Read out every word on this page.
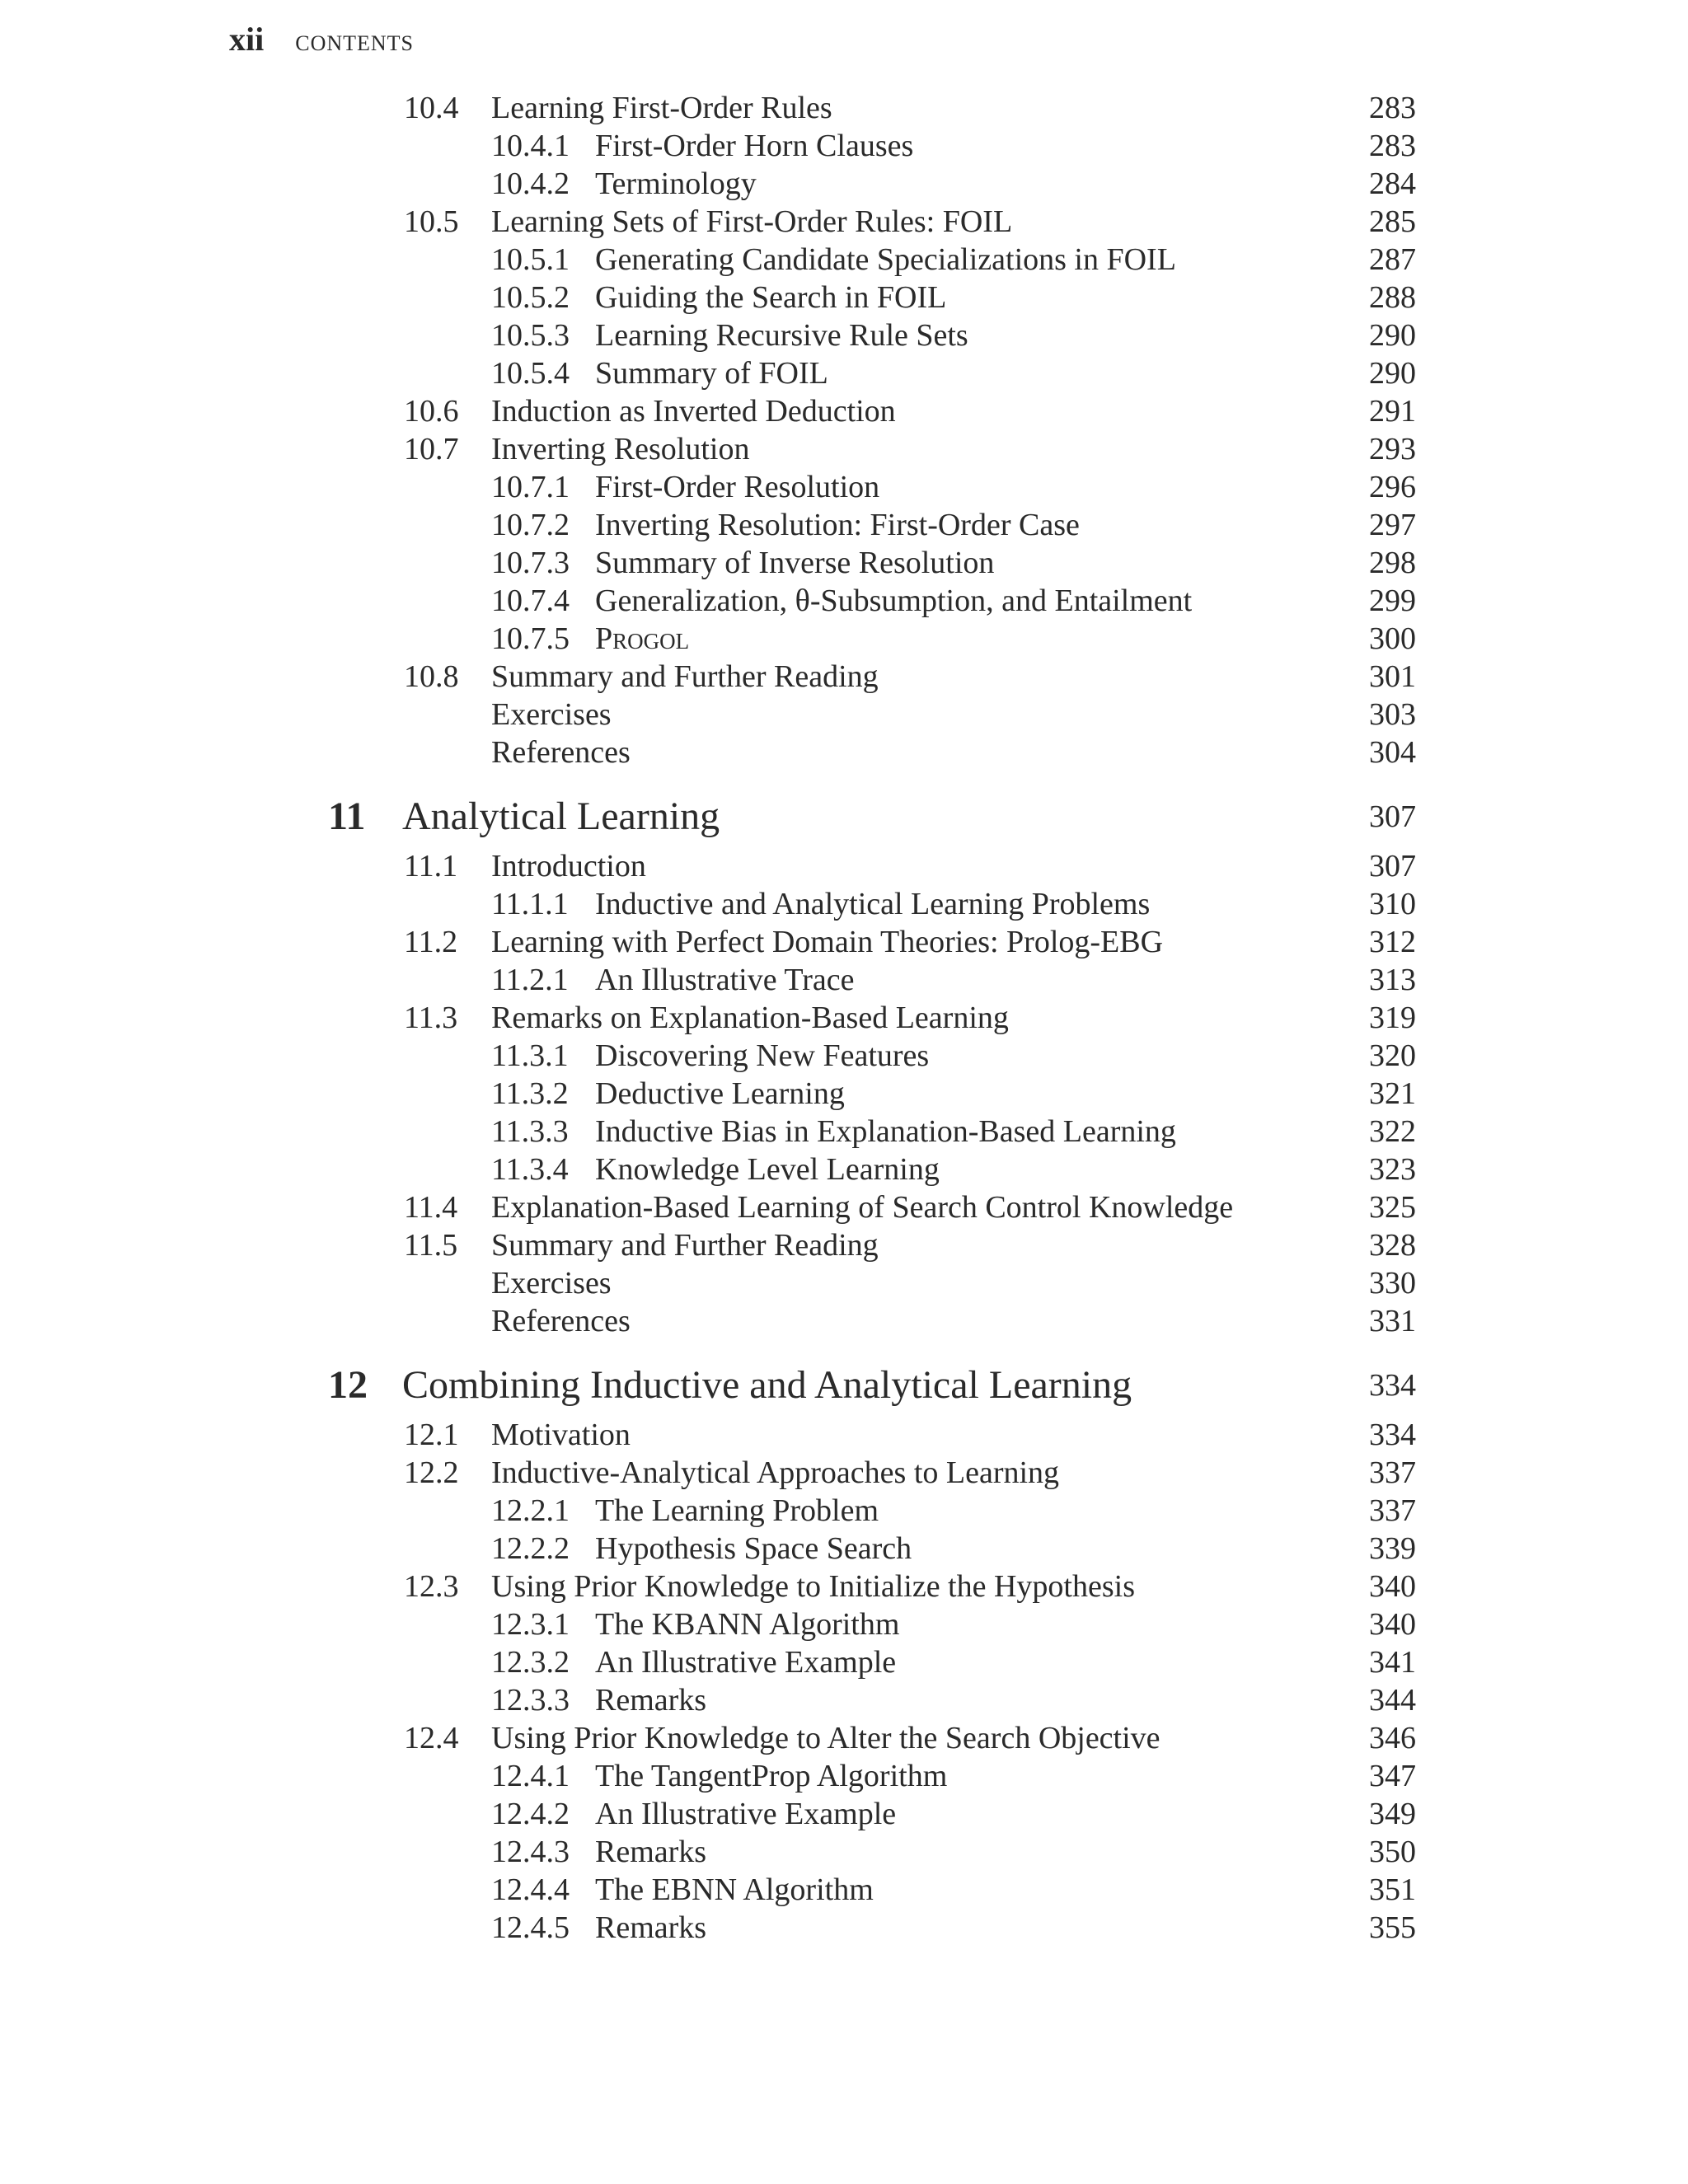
xii CONTENTS
10.4 Learning First-Order Rules	283
10.4.1 First-Order Horn Clauses	283
10.4.2 Terminology	284
10.5 Learning Sets of First-Order Rules: FOIL	285
10.5.1 Generating Candidate Specializations in FOIL	287
10.5.2 Guiding the Search in FOIL	288
10.5.3 Learning Recursive Rule Sets	290
10.5.4 Summary of FOIL	290
10.6 Induction as Inverted Deduction	291
10.7 Inverting Resolution	293
10.7.1 First-Order Resolution	296
10.7.2 Inverting Resolution: First-Order Case	297
10.7.3 Summary of Inverse Resolution	298
10.7.4 Generalization, θ-Subsumption, and Entailment	299
10.7.5 Progol	300
10.8 Summary and Further Reading	301
Exercises	303
References	304
11 Analytical Learning	307
11.1 Introduction	307
11.1.1 Inductive and Analytical Learning Problems	310
11.2 Learning with Perfect Domain Theories: Prolog-EBG	312
11.2.1 An Illustrative Trace	313
11.3 Remarks on Explanation-Based Learning	319
11.3.1 Discovering New Features	320
11.3.2 Deductive Learning	321
11.3.3 Inductive Bias in Explanation-Based Learning	322
11.3.4 Knowledge Level Learning	323
11.4 Explanation-Based Learning of Search Control Knowledge	325
11.5 Summary and Further Reading	328
Exercises	330
References	331
12 Combining Inductive and Analytical Learning	334
12.1 Motivation	334
12.2 Inductive-Analytical Approaches to Learning	337
12.2.1 The Learning Problem	337
12.2.2 Hypothesis Space Search	339
12.3 Using Prior Knowledge to Initialize the Hypothesis	340
12.3.1 The KBANN Algorithm	340
12.3.2 An Illustrative Example	341
12.3.3 Remarks	344
12.4 Using Prior Knowledge to Alter the Search Objective	346
12.4.1 The TangentProp Algorithm	347
12.4.2 An Illustrative Example	349
12.4.3 Remarks	350
12.4.4 The EBNN Algorithm	351
12.4.5 Remarks	355
